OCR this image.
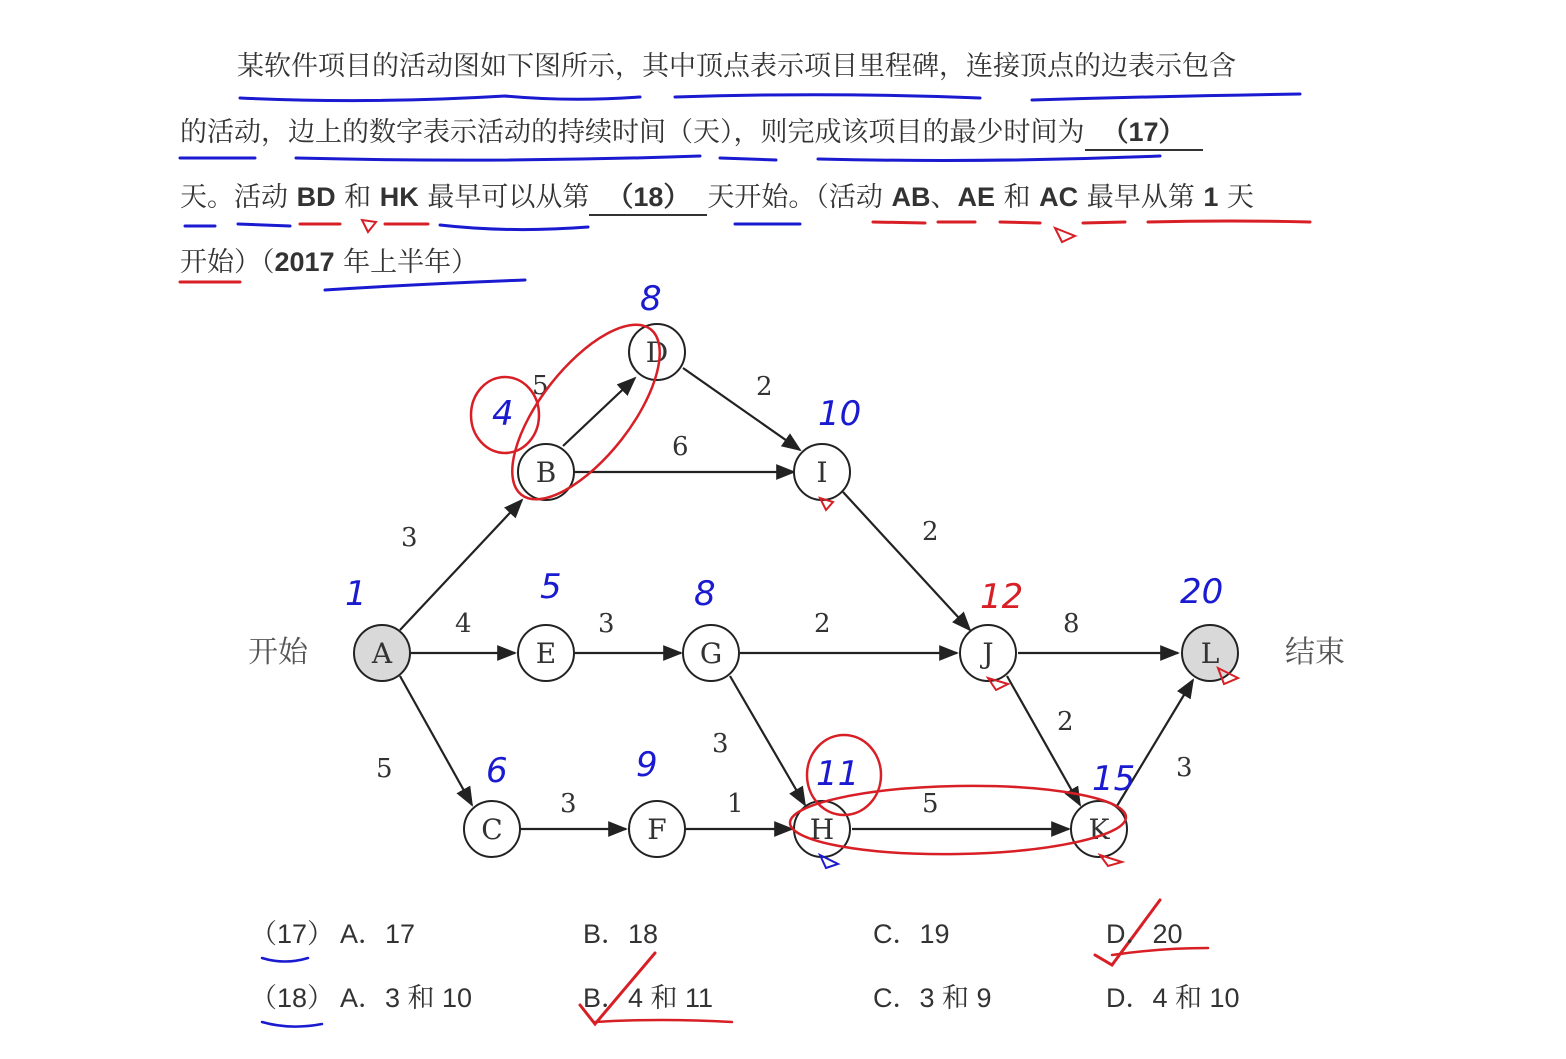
某软件项目的活动图如下图所示，其中顶点表示项目里程碑，连接顶点的边表示包含
的活动，边上的数字表示活动的持续时间（天），则完成该项目的最少时间为 （17）
天。活动 BD 和 HK 最早可以从第 （18） 天开始。（活动 AB、AE 和 AC 最早从第 1 天
开始）（2017 年上半年）
3
4
5
5
6
2
2
3	2
3
3	1	5
8
2
3
A
B
C
D
E
F
G
H
I
J
K
L
开始	结束
1
4
8
10
5	8
6	9	11
12
15
20
（17） A．17	B．18	C．19	D．20
（18） A．3 和 10	B．4 和 11	C．3 和 9	D．4 和 10
